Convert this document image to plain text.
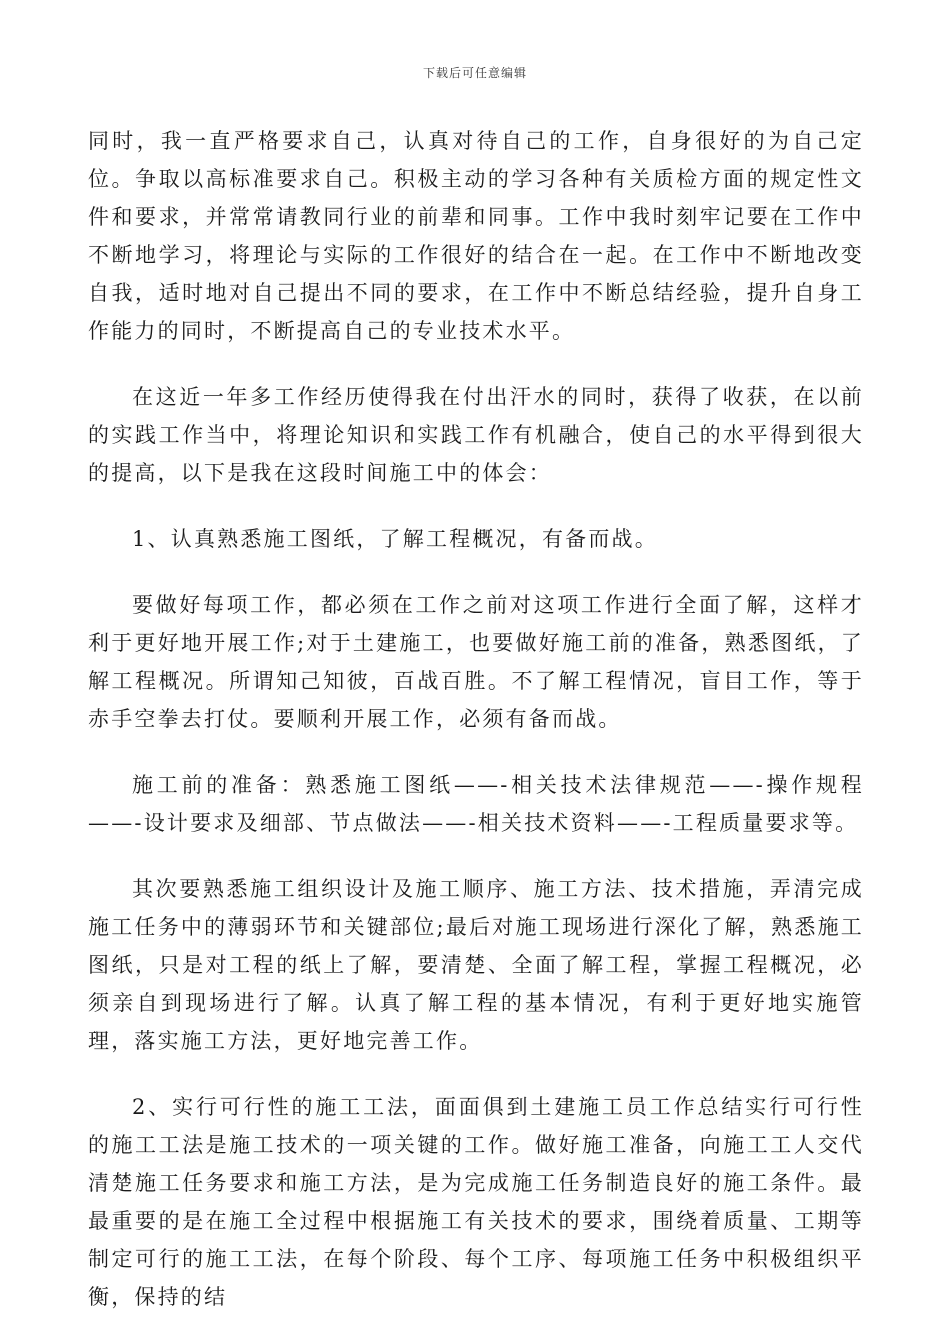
下载后可任意编辑

同时，我一直严格要求自己，认真对待自己的工作，自身很好的为自己定位。争取以高标准要求自己。积极主动的学习各种有关质检方面的规定性文件和要求，并常常请教同行业的前辈和同事。工作中我时刻牢记要在工作中不断地学习，将理论与实际的工作很好的结合在一起。在工作中不断地改变自我，适时地对自己提出不同的要求，在工作中不断总结经验，提升自身工作能力的同时，不断提高自己的专业技术水平。

在这近一年多工作经历使得我在付出汗水的同时，获得了收获，在以前的实践工作当中，将理论知识和实践工作有机融合，使自己的水平得到很大的提高，以下是我在这段时间施工中的体会：

1、认真熟悉施工图纸，了解工程概况，有备而战。

要做好每项工作，都必须在工作之前对这项工作进行全面了解，这样才利于更好地开展工作;对于土建施工，也要做好施工前的准备，熟悉图纸，了解工程概况。所谓知己知彼，百战百胜。不了解工程情况，盲目工作，等于赤手空拳去打仗。要顺利开展工作，必须有备而战。

施工前的准备：熟悉施工图纸——-相关技术法律规范——-操作规程——-设计要求及细部、节点做法——-相关技术资料——-工程质量要求等。

其次要熟悉施工组织设计及施工顺序、施工方法、技术措施，弄清完成施工任务中的薄弱环节和关键部位;最后对施工现场进行深化了解，熟悉施工图纸，只是对工程的纸上了解，要清楚、全面了解工程，掌握工程概况，必须亲自到现场进行了解。认真了解工程的基本情况，有利于更好地实施管理，落实施工方法，更好地完善工作。

2、实行可行性的施工工法，面面俱到土建施工员工作总结实行可行性的施工工法是施工技术的一项关键的工作。做好施工准备，向施工工人交代清楚施工任务要求和施工方法，是为完成施工任务制造良好的施工条件。最最重要的是在施工全过程中根据施工有关技术的要求，围绕着质量、工期等制定可行的施工工法，在每个阶段、每个工序、每项施工任务中积极组织平衡，保持的结
